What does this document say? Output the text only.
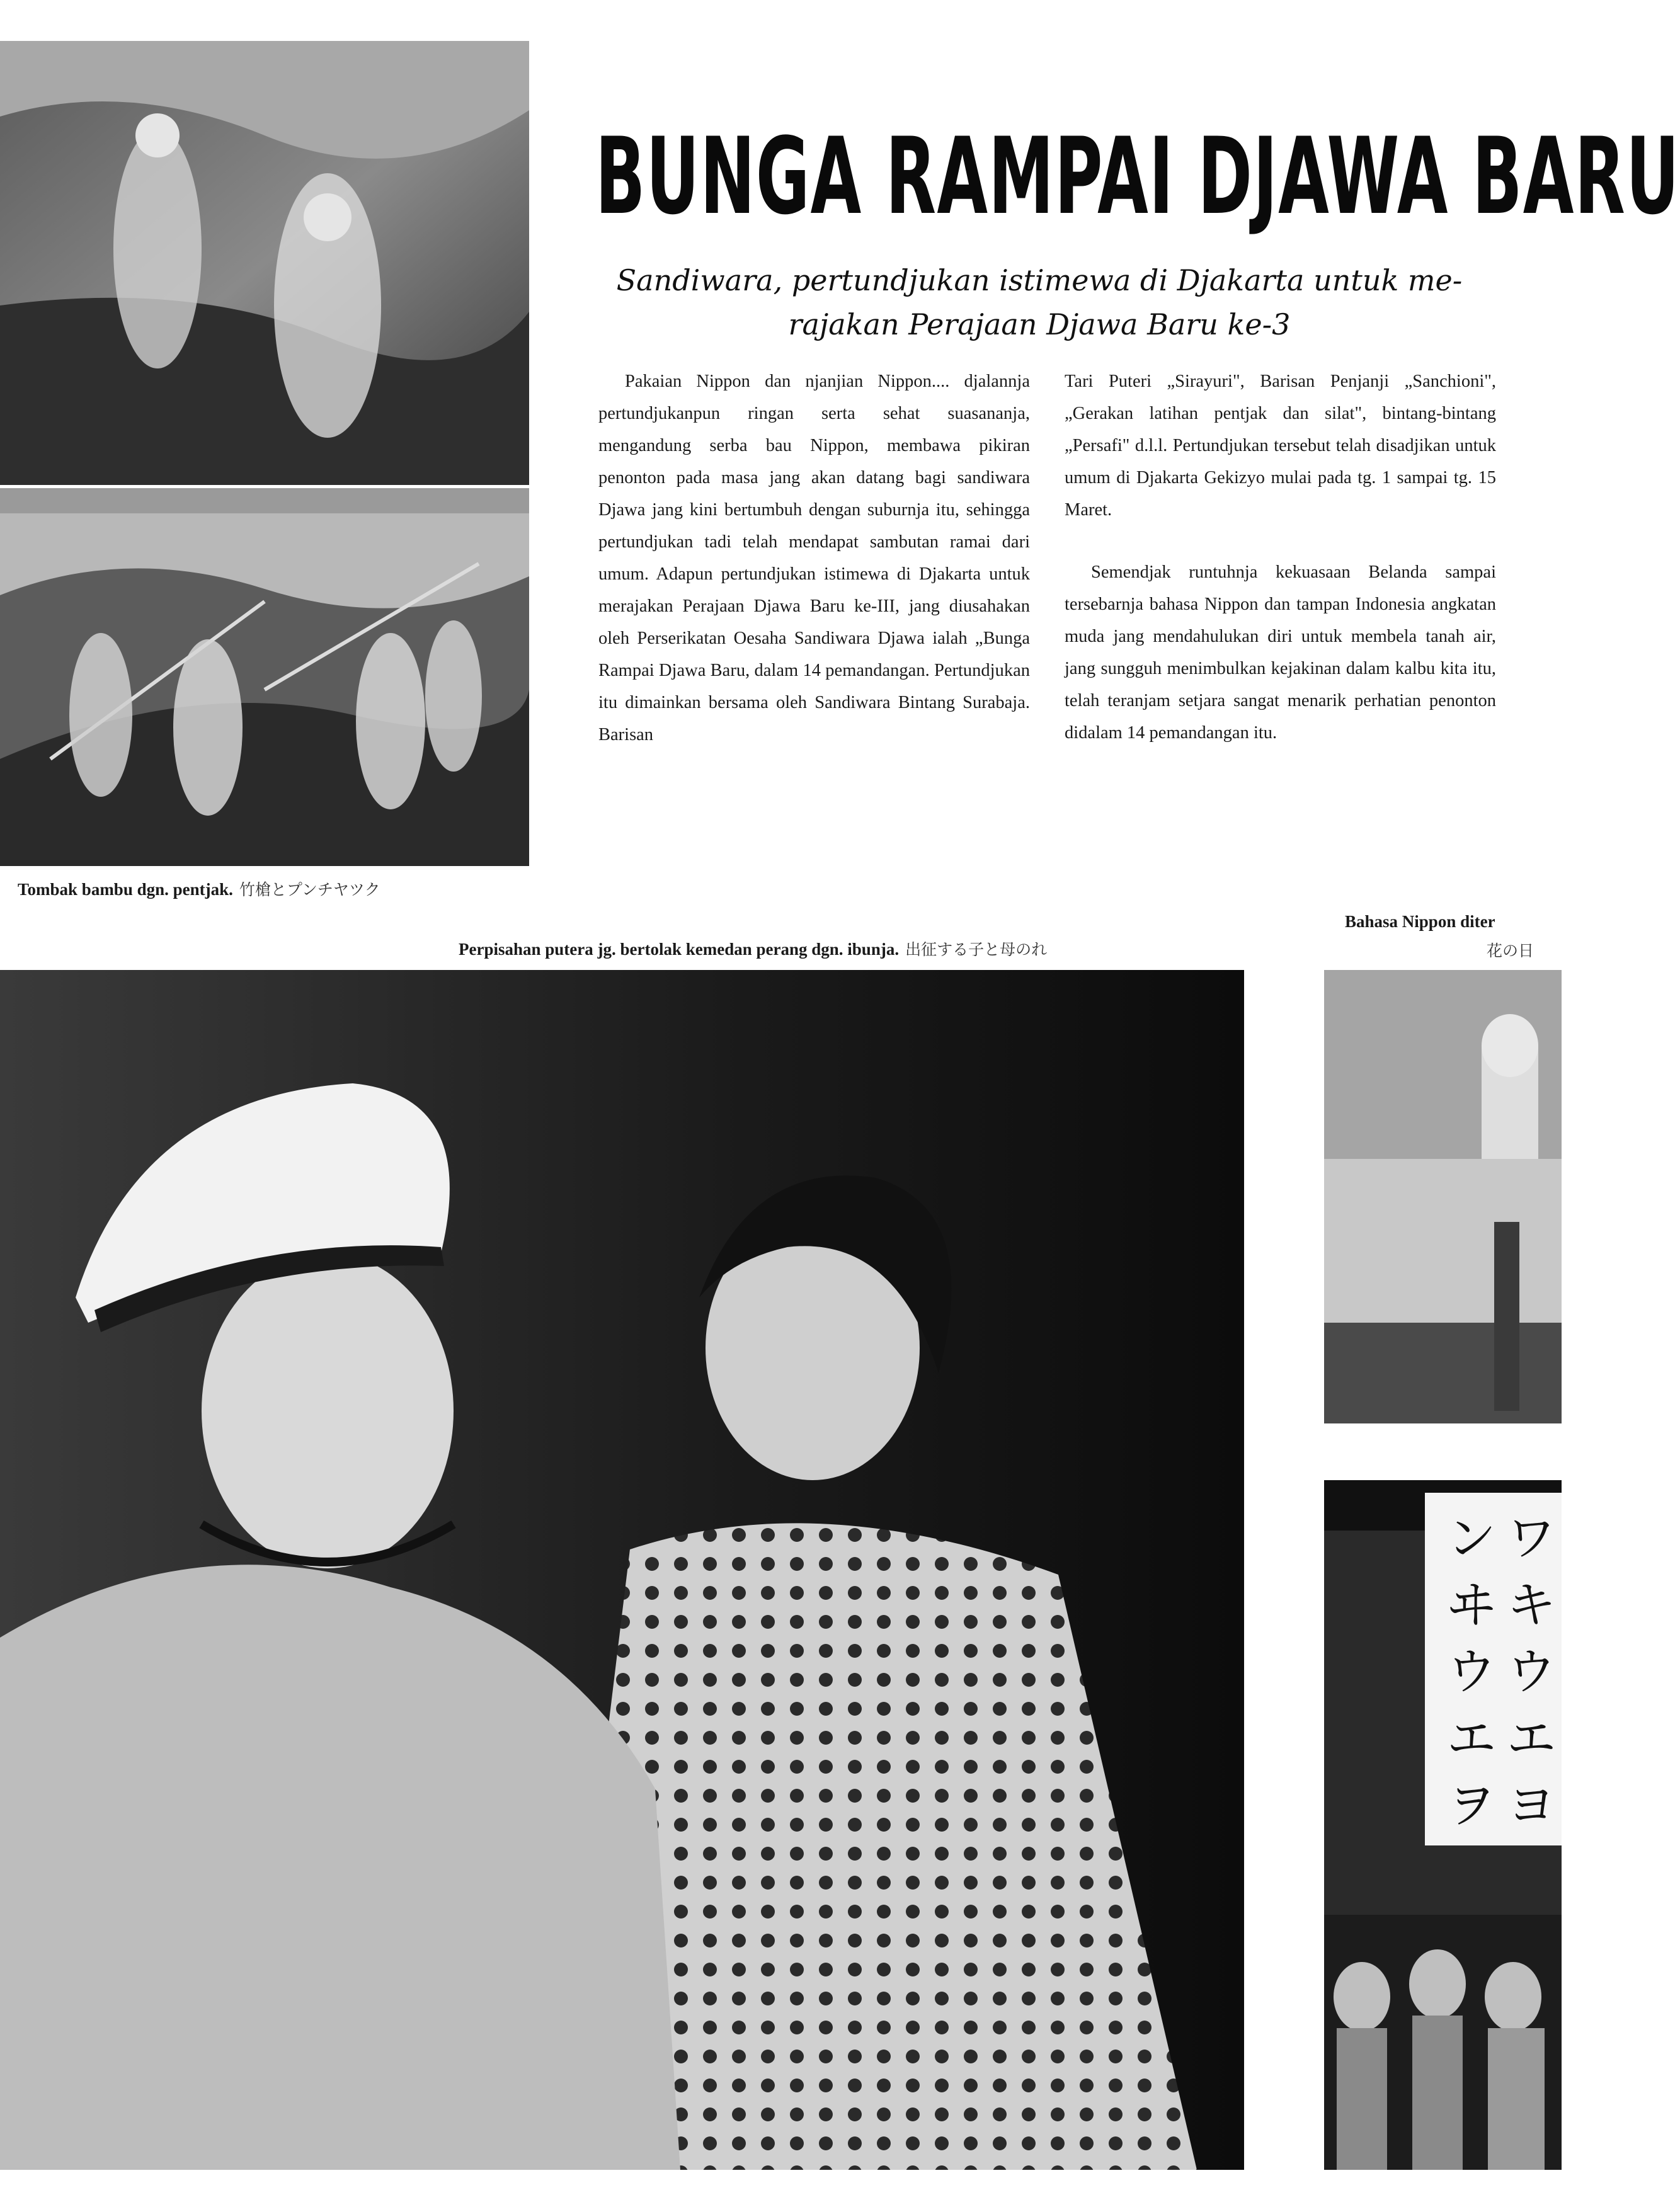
BUNGA RAMPAI DJAWA BARU
Sandiwara, pertundjukan istimewa di Djakarta untuk me-
rajakan Perajaan Djawa Baru ke-3

Pakaian Nippon dan njanjian Nippon.... djalannja pertundjukanpun ringan serta sehat suasananja, mengandung serba bau Nippon, membawa pikiran penonton pada masa jang akan datang bagi sandiwara Djawa jang kini bertumbuh dengan suburnja itu, sehingga pertundjukan tadi telah mendapat sambutan ramai dari umum. Adapun pertundjukan istimewa di Djakarta untuk merajakan Perajaan Djawa Baru ke-III, jang diusahakan oleh Perserikatan Oesaha Sandiwara Djawa ialah „Bunga Rampai Djawa Baru, dalam 14 pemandangan. Pertundjukan itu dimainkan bersama oleh Sandiwara Bintang Surabaja. Barisan

Tari Puteri „Sirayuri", Barisan Penjanji „Sanchioni", „Gerakan latihan pentjak dan silat", bintang-bintang „Persafi" d.l.l. Pertundjukan tersebut telah disadjikan untuk umum di Djakarta Gekizyo mulai pada tg. 1 sampai tg. 15 Maret.

Semendjak runtuhnja kekuasaan Belanda sampai tersebarnja bahasa Nippon dan tampan Indonesia angkatan muda jang mendahulukan diri untuk membela tanah air, jang sungguh menimbulkan kejakinan dalam kalbu kita itu, telah teranjam setjara sangat menarik perhatian penonton didalam 14 pemandangan itu.

Tombak bambu dgn. pentjak. 竹槍とプンチヤツク
Bahasa Nippon diter
花の日
Perpisahan putera jg. bertolak kemedan perang dgn. ibunja. 出征する子と母のれ
ンヰウエヲ
ワキウエヨ
